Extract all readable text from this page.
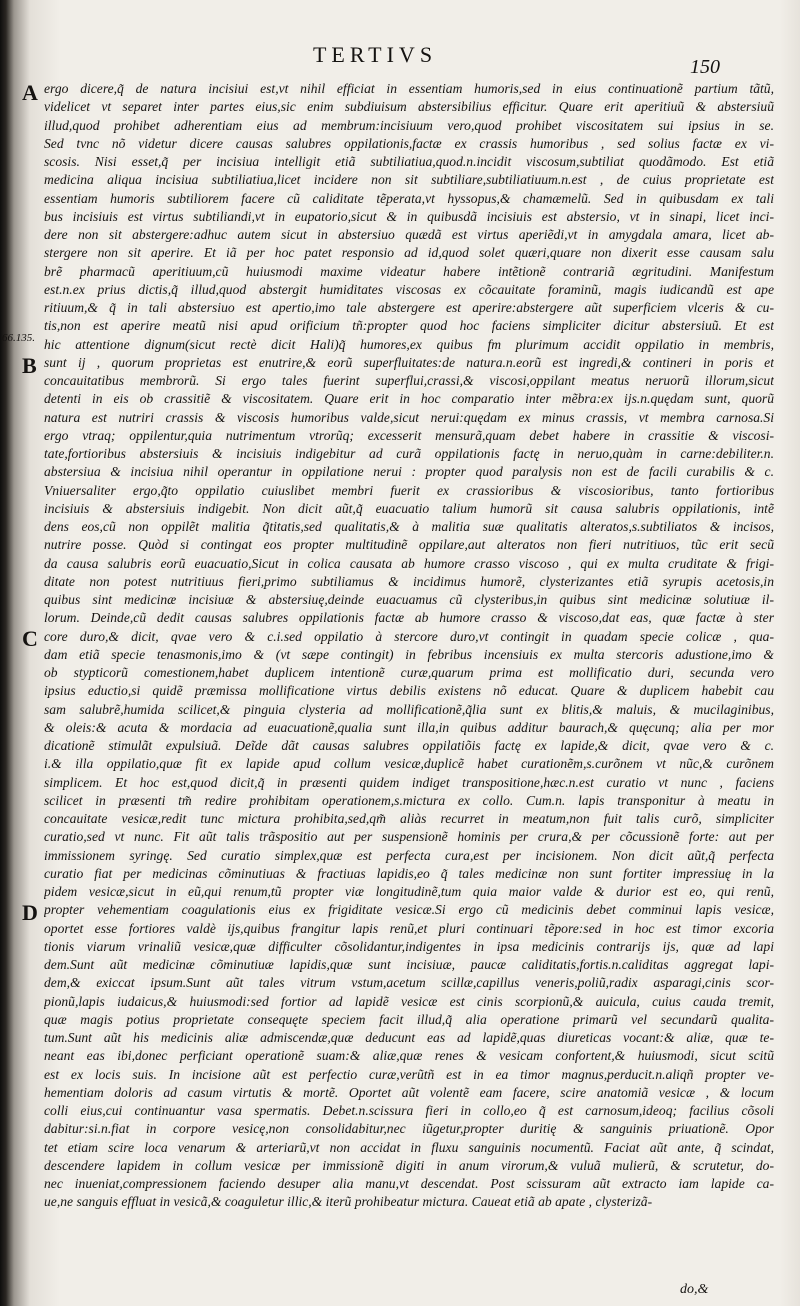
TERTIVS	150
A
B
C
D
66.135.
ergo dicere,q̃ de natura incisiui est,vt nihil efficiat in essentiam humoris,sed in eius continuationẽ partium tãtũ,
videlicet vt separet inter partes eius,sic enim subdiuisum abstersibilius efficitur. Quare erit aperitiuũ & abstersiuũ
illud,quod prohibet adherentiam eius ad membrum:incisiuum vero,quod prohibet viscositatem sui ipsius in se.
Sed tvnc nõ videtur dicere causas salubres oppilationis,factæ ex crassis humoribus , sed solius factæ ex vi-
scosis. Nisi esset,q̃ per incisiua intelligit etiã subtiliatiua,quod.n.incidit viscosum,subtiliat quodãmodo. Est etiã
medicina aliqua incisiua subtiliatiua,licet incidere non sit subtiliare,subtiliatiuum.n.est , de cuius proprietate est
essentiam humoris subtiliorem facere cũ caliditate tẽperata,vt hyssopus,& chamæmelũ. Sed in quibusdam ex tali
bus incisiuis est virtus subtiliandi,vt in eupatorio,sicut & in quibusdã incisiuis est abstersio, vt in sinapi, licet inci-
dere non sit abstergere:adhuc autem sicut in abstersiuo quædã est virtus aperiẽdi,vt in amygdala amara, licet ab-
stergere non sit aperire. Et iã per hoc patet responsio ad id,quod solet quæri,quare non dixerit esse causam salu
brẽ pharmacũ aperitiuum,cũ huiusmodi maxime videatur habere intẽtionẽ contrariã ægritudini. Manifestum
est.n.ex prius dictis,q̃ illud,quod abstergit humiditates viscosas ex cõcauitate foraminũ, magis iudicandũ est ape
ritiuum,& q̃ in tali abstersiuo est apertio,imo tale abstergere est aperire:abstergere aũt superficiem vlceris & cu-
tis,non est aperire meatũ nisi apud orificium tñ:propter quod hoc faciens simpliciter dicitur abstersiuũ. Et est
hic attentione dignum(sicut rectè dicit Hali)q̃ humores,ex quibus fm plurimum accidit oppilatio in membris,
sunt ij , quorum proprietas est enutrire,& eorũ superfluitates:de natura.n.eorũ est ingredi,& contineri in poris et
concauitatibus membrorũ. Si ergo tales fuerint superflui,crassi,& viscosi,oppilant meatus neruorũ illorum,sicut
detenti in eis ob crassitiẽ & viscositatem. Quare erit in hoc comparatio inter mẽbra:ex ijs.n.quędam sunt, quorũ
natura est nutriri crassis & viscosis humoribus valde,sicut nerui:quędam ex minus crassis, vt membra carnosa.Si
ergo vtraq; oppilentur,quia nutrimentum vtrorũq; excesserit mensurã,quam debet habere in crassitie & viscosi-
tate,fortioribus abstersiuis & incisiuis indigebitur ad curã oppilationis factę in neruo,quàm in carne:debiliter.n.
abstersiua & incisiua nihil operantur in oppilatione nerui : propter quod paralysis non est de facili curabilis & c.
Vniuersaliter ergo,q̃to oppilatio cuiuslibet membri fuerit ex crassioribus & viscosioribus, tanto fortioribus
incisiuis & abstersiuis indigebit. Non dicit aũt,q̃ euacuatio talium humorũ sit causa salubris oppilationis, intẽ
dens eos,cũ non oppilẽt malitia q̃titatis,sed qualitatis,& à malitia suæ qualitatis alteratos,s.subtiliatos & incisos,
nutrire posse. Quòd si contingat eos propter multitudinẽ oppilare,aut alteratos non fieri nutritiuos, tũc erit secũ
da causa salubris eorũ euacuatio,Sicut in colica causata ab humore crasso viscoso , qui ex multa cruditate & frigi-
ditate non potest nutritiuus fieri,primo subtiliamus & incidimus humorẽ, clysterizantes etiã syrupis acetosis,in
quibus sint medicinæ incisiuæ & abstersiuę,deinde euacuamus cũ clysteribus,in quibus sint medicinæ solutiuæ il-
lorum. Deinde,cũ dedit causas salubres oppilationis factæ ab humore crasso & viscoso,dat eas, quæ factæ à ster
core duro,& dicit, qvae vero & c.i.sed oppilatio à stercore duro,vt contingit in quadam specie colicæ , qua-
dam etiã specie tenasmonis,imo & (vt sæpe contingit) in febribus incensiuis ex multa stercoris adustione,imo &
ob stypticorũ comestionem,habet duplicem intentionẽ curæ,quarum prima est mollificatio duri, secunda vero
ipsius eductio,si quidẽ præmissa mollificatione virtus debilis existens nõ educat. Quare & duplicem habebit cau
sam salubrẽ,humida scilicet,& pinguia clysteria ad mollificationẽ,q̃lia sunt ex blitis,& maluis, & mucilaginibus,
& oleis:& acuta & mordacia ad euacuationẽ,qualia sunt illa,in quibus additur baurach,& quęcunq; alia per mor
dicationẽ stimulãt expulsiuã. Deĩde dãt causas salubres oppilatiõis factę ex lapide,& dicit, qvae vero & c.
i.& illa oppilatio,quæ fit ex lapide apud collum vesicæ,duplicẽ habet curationẽm,s.curõnem vt nũc,& curõnem
simplicem. Et hoc est,quod dicit,q̃ in præsenti quidem indiget transpositione,hæc.n.est curatio vt nunc , faciens
scilicet in præsenti tm̃ redire prohibitam operationem,s.mictura ex collo. Cum.n. lapis transponitur à meatu in
concauitate vesicæ,redit tunc mictura prohibita,sed,qm̃ aliàs recurret in meatum,non fuit talis curõ, simpliciter
curatio,sed vt nunc. Fit aũt talis trãspositio aut per suspensionẽ hominis per crura,& per cõcussionẽ forte: aut per
immissionem syringę. Sed curatio simplex,quæ est perfecta cura,est per incisionem. Non dicit aũt,q̃ perfecta
curatio fiat per medicinas cõminutiuas & fractiuas lapidis,eo q̃ tales medicinæ non sunt fortiter impressiuę in la
pidem vesicæ,sicut in eũ,qui renum,tũ propter viæ longitudinẽ,tum quia maior valde & durior est eo, qui renũ,
propter vehementiam coagulationis eius ex frigiditate vesicæ.Si ergo cũ medicinis debet comminui lapis vesicæ,
oportet esse fortiores valdè ijs,quibus frangitur lapis renũ,et pluri continuari tẽpore:sed in hoc est timor excoria
tionis viarum vrinaliũ vesicæ,quæ difficulter cõsolidantur,indigentes in ipsa medicinis contrarijs ijs, quæ ad lapi
dem.Sunt aũt medicinæ cõminutiuæ lapidis,quæ sunt incisiuæ, paucæ caliditatis,fortis.n.caliditas aggregat lapi-
dem,& exiccat ipsum.Sunt aũt tales vitrum vstum,acetum scillæ,capillus veneris,poliũ,radix asparagi,cinis scor-
pionũ,lapis iudaicus,& huiusmodi:sed fortior ad lapidẽ vesicæ est cinis scorpionũ,& auicula, cuius cauda tremit,
quæ magis potius proprietate consequęte speciem facit illud,q̃ alia operatione primarũ vel secundarũ qualita-
tum.Sunt aũt his medicinis aliæ admiscendæ,quæ deducunt eas ad lapidẽ,quas diureticas vocant:& aliæ, quæ te-
neant eas ibi,donec perficiant operationẽ suam:& aliæ,quæ renes & vesicam confortent,& huiusmodi, sicut scitũ
est ex locis suis. In incisione aũt est perfectio curæ,verũtñ est in ea timor magnus,perducit.n.aliqñ propter ve-
hementiam doloris ad casum virtutis & mortẽ. Oportet aũt volentẽ eam facere, scire anatomiã vesicæ , & locum
colli eius,cui continuantur vasa spermatis. Debet.n.scissura fieri in collo,eo q̃ est carnosum,ideoq; facilius cõsoli
dabitur:si.n.fiat in corpore vesicę,non consolidabitur,nec iũgetur,propter duritię & sanguinis priuationẽ. Opor
tet etiam scire loca venarum & arteriarũ,vt non accidat in fluxu sanguinis nocumentũ. Faciat aũt ante, q̃ scindat,
descendere lapidem in collum vesicæ per immissionẽ digiti in anum virorum,& vuluã mulierũ, & scrutetur, do-
nec inueniat,compressionem faciendo desuper alia manu,vt descendat. Post scissuram aũt extracto iam lapide ca-
ue,ne sanguis effluat in vesicã,& coaguletur illic,& iterũ prohibeatur mictura. Caueat etiã ab apate , clysterizã-
do,&
